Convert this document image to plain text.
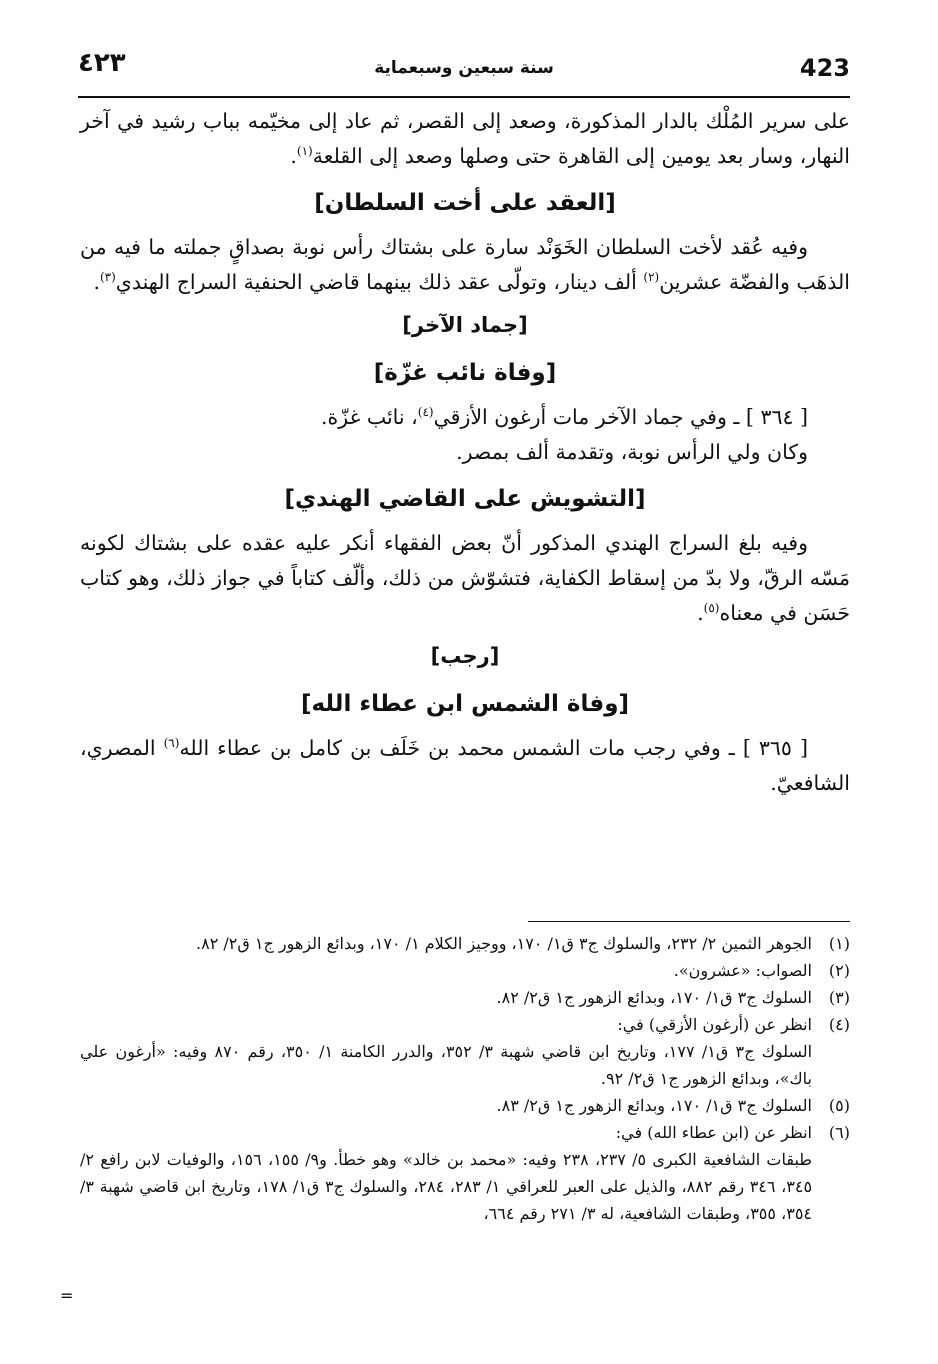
٤٢٣	سنة سبعين وسبعماية	423

على سرير المُلْك بالدار المذكورة، وصعد إلى القصر، ثم عاد إلى مخيّمه بباب رشيد في آخر النهار، وسار بعد يومين إلى القاهرة حتى وصلها وصعد إلى القلعة$^{(١)}$.

[العقد على أخت السلطان]

وفيه عُقد لأخت السلطان الخَوَنْد سارة على بشتاك رأس نوبة بصداقٍ جملته ما فيه من الذهَب والفضّة عشرين$^{(٢)}$ ألف دينار، وتولّى عقد ذلك بينهما قاضي الحنفية السراج الهندي$^{(٣)}$.

[جماد الآخر]
[وفاة نائب غزّة]

[ ٣٦٤ ] ـ وفي جماد الآخر مات أرغون الأزقي$^{(٤)}$، نائب غزّة.

وكان ولي الرأس نوبة، وتقدمة ألف بمصر.

[التشويش على القاضي الهندي]

وفيه بلغ السراج الهندي المذكور أنّ بعض الفقهاء أنكر عليه عقده على بشتاك لكونه مَسّه الرقّ، ولا بدّ من إسقاط الكفاية، فتشوّش من ذلك، وألّف كتاباً في جواز ذلك، وهو كتاب حَسَن في معناه$^{(٥)}$.

[رجب]
[وفاة الشمس ابن عطاء الله]

[ ٣٦٥ ] ـ وفي رجب مات الشمس محمد بن خَلَف بن كامل بن عطاء الله$^{(٦)}$ المصري، الشافعيّ.

(١)
الجوهر الثمين ٢/ ٢٣٢، والسلوك ج٣ ق١/ ١٧٠، ووجيز الكلام ١/ ١٧٠، وبدائع الزهور ج١ ق٢/ ٨٢.
(٢)
الصواب: «عشرون».
(٣)
السلوك ج٣ ق١/ ١٧٠، وبدائع الزهور ج١ ق٢/ ٨٢.
(٤)
انظر عن (أرغون الأزقي) في:
السلوك ج٣ ق١/ ١٧٧، وتاريخ ابن قاضي شهبة ٣/ ٣٥٢، والدرر الكامنة ١/ ٣٥٠، رقم ٨٧٠ وفيه: «أرغون علي باك»، وبدائع الزهور ج١ ق٢/ ٩٢.
(٥)
السلوك ج٣ ق١/ ١٧٠، وبدائع الزهور ج١ ق٢/ ٨٣.
(٦)
انظر عن (ابن عطاء الله) في:
طبقات الشافعية الكبرى ٥/ ٢٣٧، ٢٣٨ وفيه: «محمد بن خالد» وهو خطأ. و٩/ ١٥٥، ١٥٦، والوفيات لابن رافع ٢/ ٣٤٥، ٣٤٦ رقم ٨٨٢، والذيل على العبر للعراقي ١/ ٢٨٣، ٢٨٤، والسلوك ج٣ ق١/ ١٧٨، وتاريخ ابن قاضي شهبة ٣/ ٣٥٤، ٣٥٥، وطبقات الشافعية، له ٣/ ٢٧١ رقم ٦٦٤،
=
